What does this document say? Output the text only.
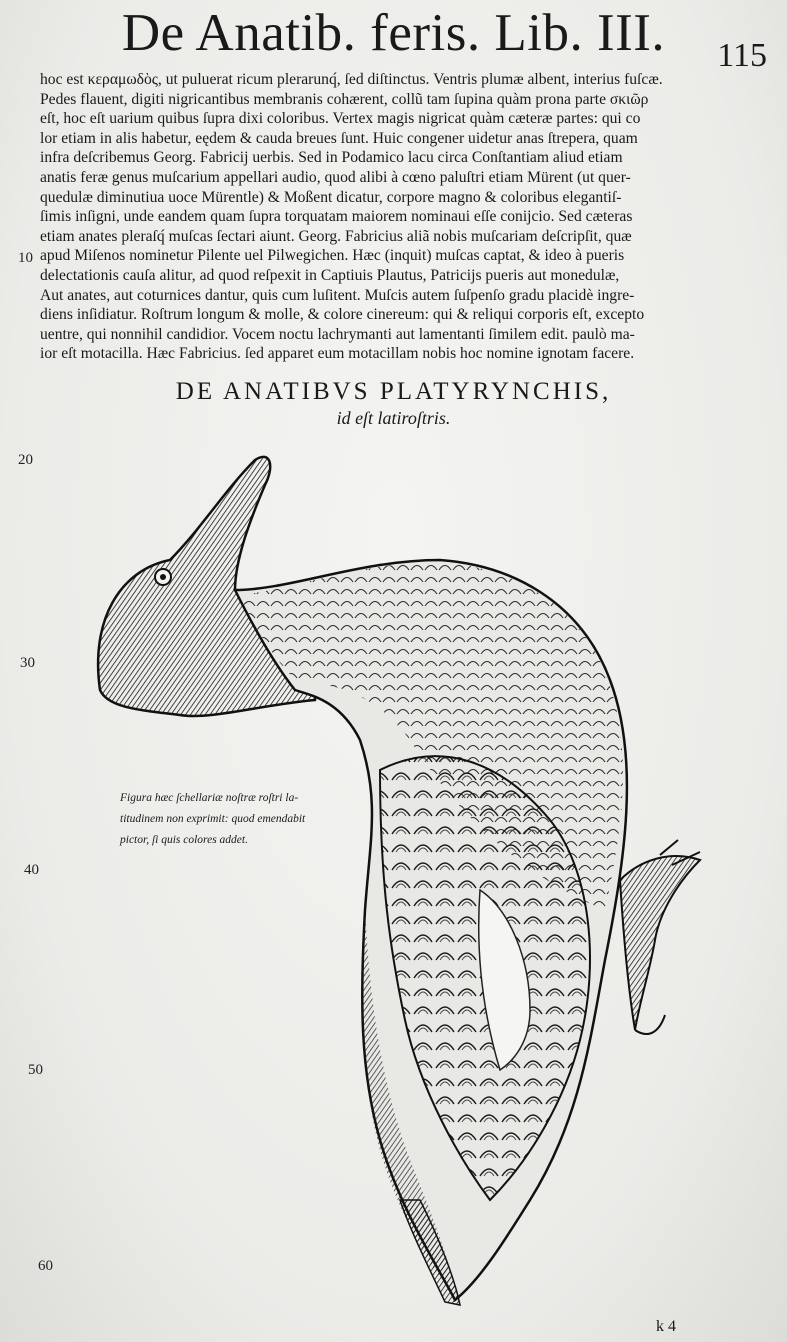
De Anatib. feris. Lib. III.	115
hoc est κεραμωδὸς, ut puluerat ricum plerarunq́, ſed diſtinctus. Ventris plumæ albent, interius fuſcæ.
Pedes flauent, digiti nigricantibus membranis cohærent, collũ tam ſupina quàm prona parte σκιῶρ
eſt, hoc eſt uarium quibus ſupra dixi coloribus. Vertex magis nigricat quàm cæteræ partes: qui co
lor etiam in alis habetur, eędem & cauda breues ſunt. Huic congener uidetur anas ſtrepera, quam
infra deſcribemus Georg. Fabricij uerbis. Sed in Podamico lacu circa Conſtantiam aliud etiam
anatis feræ genus muſcarium appellari audio, quod alibi à cœno paluſtri etiam Mürent (ut quer-
quedulæ diminutiua uoce Mürentle) & Moßent dicatur, corpore magno & coloribus elegantiſ-
ſimis inſigni, unde eandem quam ſupra torquatam maiorem nominaui eſſe conijcio. Sed cæteras
etiam anates pleraſq́ muſcas ſectari aiunt. Georg. Fabricius aliã nobis muſcariam deſcripſit, quæ
apud Miſenos nominetur Pilente uel Pilwegichen. Hæc (inquit) muſcas captat, & ideo à pueris
delectationis cauſa alitur, ad quod reſpexit in Captiuis Plautus, Patricijs pueris aut monedulæ,
Aut anates, aut coturnices dantur, quis cum luſitent. Muſcis autem ſuſpenſo gradu placidè ingre-
diens inſidiatur. Roſtrum longum & molle, & colore cinereum: qui & reliqui corporis eſt, excepto
uentre, qui nonnihil candidior. Vocem noctu lachrymanti aut lamentanti ſimilem edit. paulò ma-
ior eſt motacilla. Hæc Fabricius. ſed apparet eum motacillam nobis hoc nomine ignotam facere.
10
20
30
40
50
60
DE ANATIBVS PLATYRYNCHIS,
id eſt latiroſtris.
Figura hæc ſchellariæ noſtræ roſtri la-
titudinem non exprimit: quod emendabit
pictor, ſi quis colores addet.
k 4
